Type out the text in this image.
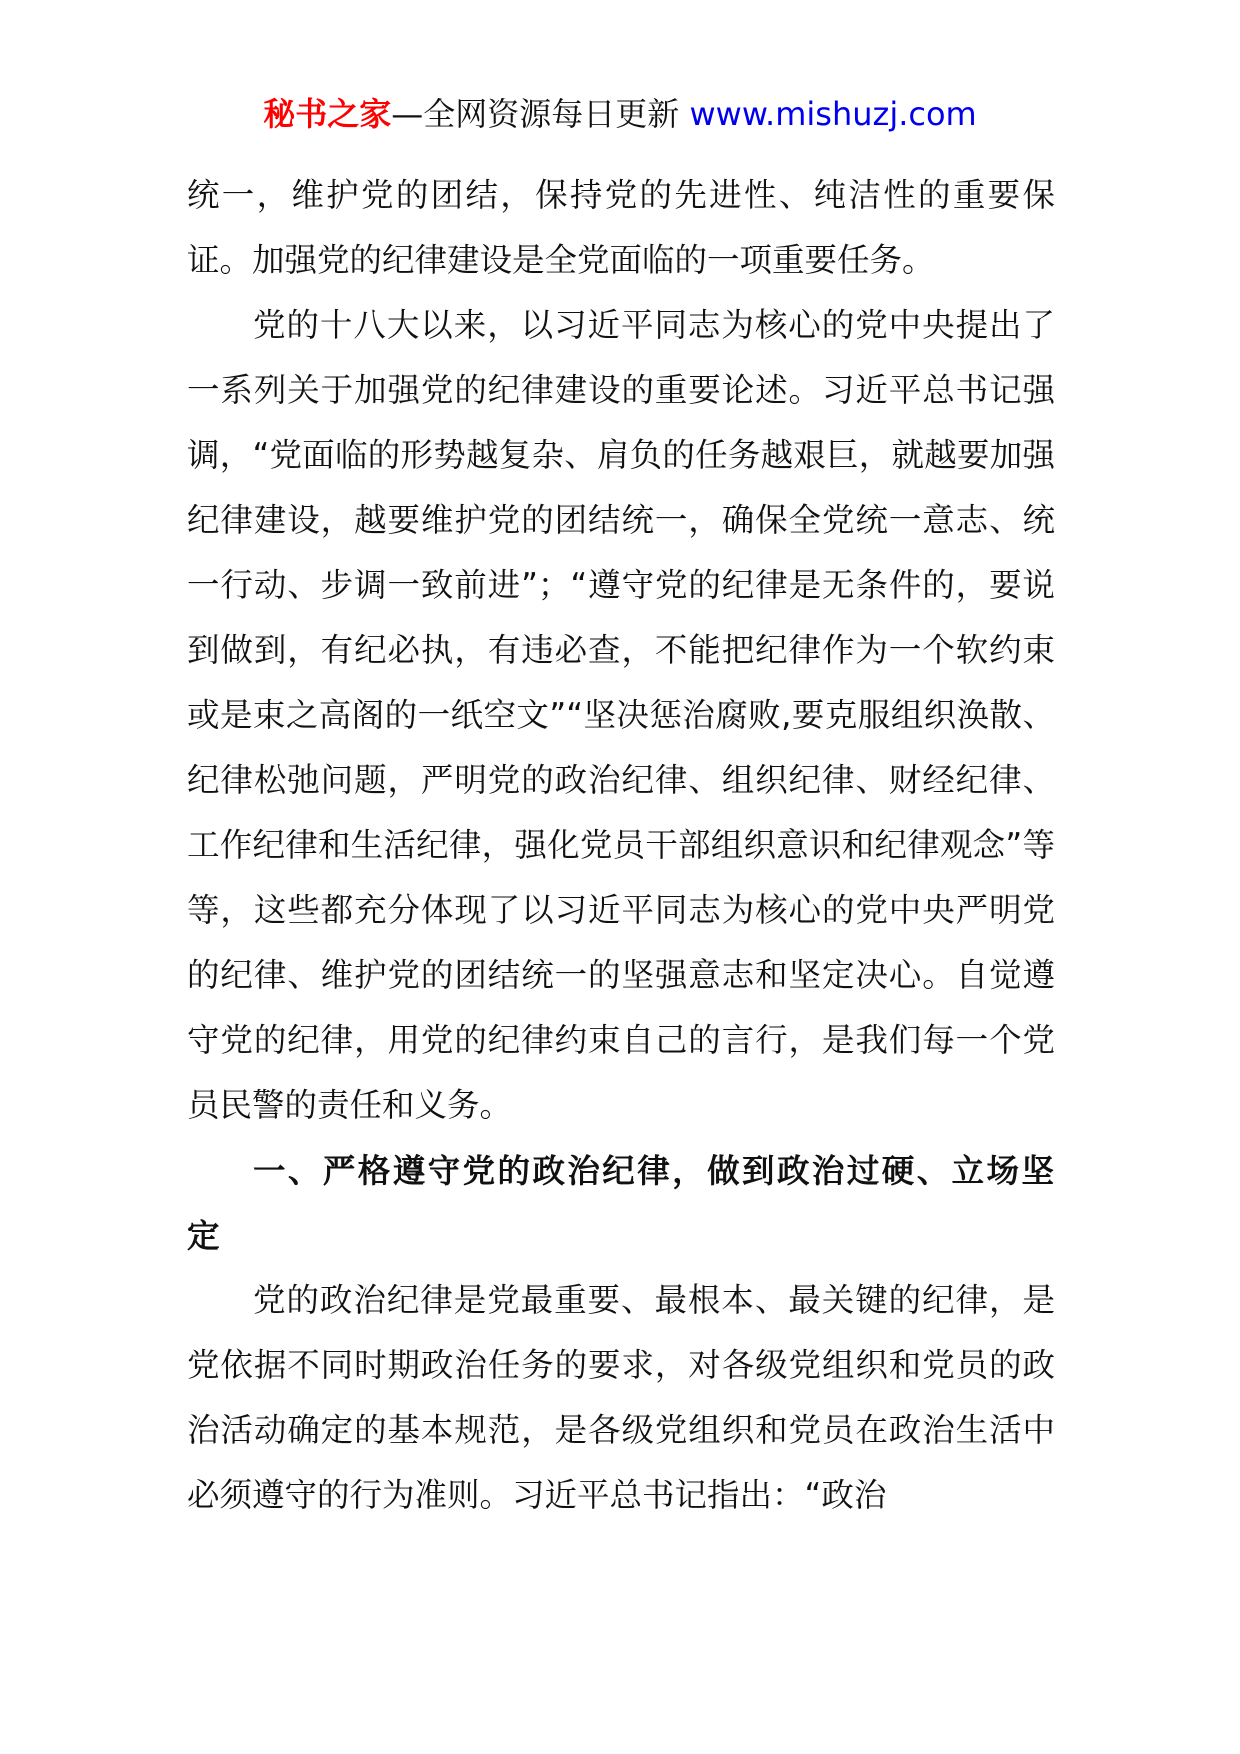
秘书之家—全网资源每日更新 www.mishuzj.com

统一，维护党的团结，保持党的先进性、纯洁性的重要保证。加强党的纪律建设是全党面临的一项重要任务。

党的十八大以来，以习近平同志为核心的党中央提出了一系列关于加强党的纪律建设的重要论述。习近平总书记强调，“党面临的形势越复杂、肩负的任务越艰巨，就越要加强纪律建设，越要维护党的团结统一，确保全党统一意志、统一行动、步调一致前进”；“遵守党的纪律是无条件的，要说到做到，有纪必执，有违必查，不能把纪律作为一个软约束或是束之高阁的一纸空文”“坚决惩治腐败,要克服组织涣散、纪律松弛问题，严明党的政治纪律、组织纪律、财经纪律、工作纪律和生活纪律，强化党员干部组织意识和纪律观念”等等，这些都充分体现了以习近平同志为核心的党中央严明党的纪律、维护党的团结统一的坚强意志和坚定决心。自觉遵守党的纪律，用党的纪律约束自己的言行，是我们每一个党员民警的责任和义务。

一、严格遵守党的政治纪律，做到政治过硬、立场坚定

党的政治纪律是党最重要、最根本、最关键的纪律，是党依据不同时期政治任务的要求，对各级党组织和党员的政治活动确定的基本规范，是各级党组织和党员在政治生活中必须遵守的行为准则。习近平总书记指出：“政治
